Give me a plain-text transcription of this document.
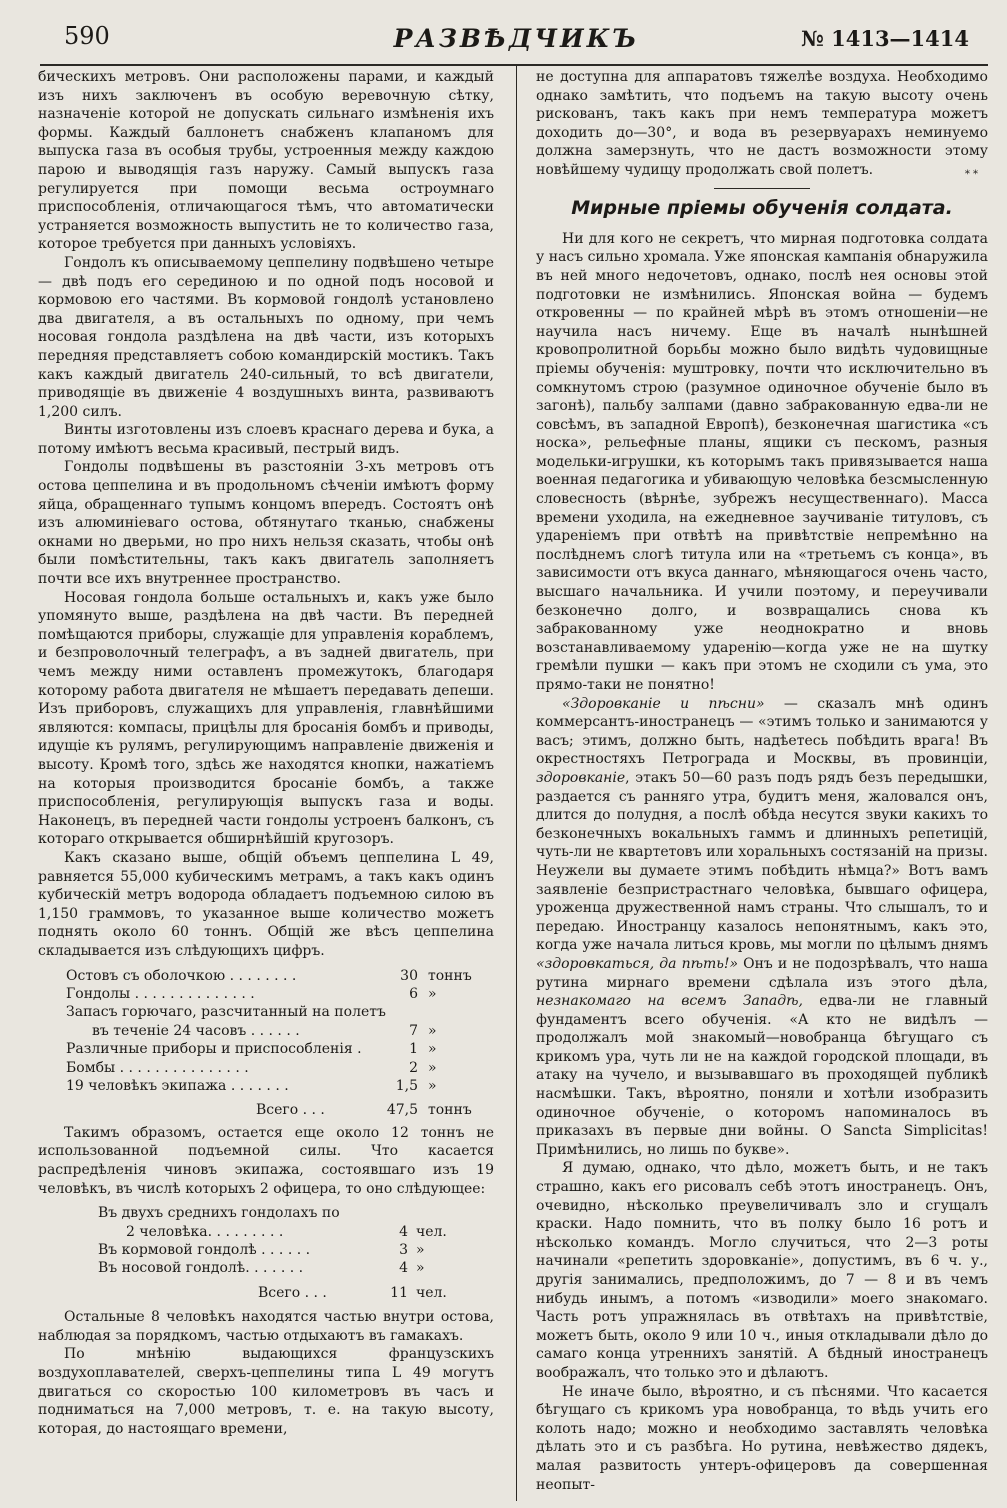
590	РАЗВѢДЧИКЪ	№ 1413—1414

бическихъ метровъ. Они расположены парами, и каждый изъ нихъ заключенъ въ особую веревочную сѣтку, назначеніе которой не допускать сильнаго измѣненія ихъ формы. Каждый баллонетъ снабженъ клапаномъ для выпуска газа въ особыя трубы, устроенныя между каждою парою и выводящія газъ наружу. Самый выпускъ газа регулируется при помощи весьма остроумнаго приспособленія, отличающагося тѣмъ, что автоматически устраняется возможность выпустить не то количество газа, которое требуется при данныхъ условіяхъ.

Гондолъ къ описываемому цеппелину подвѣшено четыре— двѣ подъ его серединою и по одной подъ носовой и кормовою его частями. Въ кормовой гондолѣ установлено два двигателя, а въ остальныхъ по одному, при чемъ носовая гондола раздѣлена на двѣ части, изъ которыхъ передняя представляетъ собою командирскій мостикъ. Такъ какъ каждый двигатель 240-сильный, то всѣ двигатели, приводящіе въ движеніе 4 воздушныхъ винта, развиваютъ 1,200 силъ.

Винты изготовлены изъ слоевъ краснаго дерева и бука, а потому имѣютъ весьма красивый, пестрый видъ.

Гондолы подвѣшены въ разстояніи 3-хъ метровъ отъ остова цеппелина и въ продольномъ сѣченіи имѣютъ форму яйца, обращеннаго тупымъ концомъ впередъ. Состоятъ онѣ изъ алюминіеваго остова, обтянутаго тканью, снабжены окнами но дверьми, но про нихъ нельзя сказать, чтобы онѣ были помѣстительны, такъ какъ двигатель заполняетъ почти все ихъ внутреннее пространство.

Носовая гондола больше остальныхъ и, какъ уже было упомянуто выше, раздѣлена на двѣ части. Въ передней помѣщаются приборы, служащіе для управленія кораблемъ, и безпроволочный телеграфъ, а въ задней двигатель, при чемъ между ними оставленъ промежутокъ, благодаря которому работа двигателя не мѣшаетъ передавать депеши. Изъ приборовъ, служащихъ для управленія, главнѣйшими являются: компасы, прицѣлы для бросанія бомбъ и приводы, идущіе къ рулямъ, регулирующимъ направленіе движенія и высоту. Кромѣ того, здѣсь же находятся кнопки, нажатіемъ на которыя производится бросаніе бомбъ, а также приспособленія, регулирующія выпускъ газа и воды. Наконецъ, въ передней части гондолы устроенъ балконъ, съ котораго открывается обширнѣйшій кругозоръ.

Какъ сказано выше, общій объемъ цеппелина L 49, равняется 55,000 кубическимъ метрамъ, а такъ какъ одинъ кубическій метръ водорода обладаетъ подъемною силою въ 1,150 граммовъ, то указанное выше количество можетъ поднять около 60 тоннъ. Общій же вѣсъ цеппелина складывается изъ слѣдующихъ цифръ.

Остовъ съ оболочкою . . . . . . . .	30	тоннъ
Гондолы . . . . . . . . . . . . . .	6	»
Запасъ горючаго, разсчитанный на полетъ		
въ теченіе 24 часовъ . . . . . .	7	»
Различные приборы и приспособленія .	1	»
Бомбы . . . . . . . . . . . . . . .	2	»
19 человѣкъ экипажа . . . . . . .	1,5	»
Всего . . .	47,5	тоннъ

Такимъ образомъ, остается еще около 12 тоннъ не использованной подъемной силы. Что касается распредѣленія чиновъ экипажа, состоявшаго изъ 19 человѣкъ, въ числѣ которыхъ 2 офицера, то оно слѣдующее:

Въ двухъ среднихъ гондолахъ по		
2 человѣка. . . . . . . . .	4	чел.
Въ кормовой гондолѣ . . . . . .	3	»
Въ носовой гондолѣ. . . . . . .	4	»
Всего . . .	11	чел.

Остальные 8 человѣкъ находятся частью внутри остова, наблюдая за порядкомъ, частью отдыхаютъ въ гамакахъ.

По мнѣнію выдающихся французскихъ воздухоплавателей, сверхъ-цеппелины типа L 49 могутъ двигаться со скоростью 100 километровъ въ часъ и подниматься на 7,000 метровъ, т. е. на такую высоту, которая, до настоящаго времени,

не доступна для аппаратовъ тяжелѣе воздуха. Необходимо однако замѣтить, что подъемъ на такую высоту очень рискованъ, такъ какъ при немъ температура можетъ доходить до—30°, и вода въ резервуарахъ неминуемо должна замерзнуть, что не дастъ возможности этому новѣйшему чудищу продолжать свой полетъ.	* *
Мирные пріемы обученія солдата.

Ни для кого не секретъ, что мирная подготовка солдата у насъ сильно хромала. Уже японская кампанія обнаружила въ ней много недочетовъ, однако, послѣ нея основы этой подготовки не измѣнились. Японская война — будемъ откровенны — по крайней мѣрѣ въ этомъ отношеніи—не научила насъ ничему. Еще въ началѣ нынѣшней кровопролитной борьбы можно было видѣть чудовищные пріемы обученія: муштровку, почти что исключительно въ сомкнутомъ строю (разумное одиночное обученіе было въ загонѣ), пальбу залпами (давно забракованную едва-ли не совсѣмъ, въ западной Европѣ), безконечная шагистика «съ носка», рельефные планы, ящики съ пескомъ, разныя модельки-игрушки, къ которымъ такъ привязывается наша военная педагогика и убивающую человѣка безсмысленную словесность (вѣрнѣе, зубрежъ несущественнаго). Масса времени уходила, на ежедневное заучиваніе титуловъ, съ удареніемъ при отвѣтѣ на привѣтствіе непремѣнно на послѣднемъ слогѣ титула или на «третьемъ съ конца», въ зависимости отъ вкуса даннаго, мѣняющагося очень часто, высшаго начальника. И учили поэтому, и переучивали безконечно долго, и возвращались снова къ забракованному уже неоднократно и вновь возстанавливаемому ударенію—когда уже не на шутку гремѣли пушки — какъ при этомъ не сходили съ ума, это прямо-таки не понятно!

«Здоровканіе и пѣсни» — сказалъ мнѣ одинъ коммерсантъ-иностранецъ — «этимъ только и занимаются у васъ; этимъ, должно быть, надѣетесь побѣдить врага! Въ окрестностяхъ Петрограда и Москвы, въ провинціи, здоровканіе, этакъ 50—60 разъ подъ рядъ безъ передышки, раздается съ ранняго утра, будитъ меня, жаловался онъ, длится до полудня, а послѣ обѣда несутся звуки какихъ то безконечныхъ вокальныхъ гаммъ и длинныхъ репетицій, чуть-ли не квартетовъ или хоральныхъ состязаній на призы. Неужели вы думаете этимъ побѣдить нѣмца?» Вотъ вамъ заявленіе безпристрастнаго человѣка, бывшаго офицера, уроженца дружественной намъ страны. Что слышалъ, то и передаю. Иностранцу казалось непонятнымъ, какъ это, когда уже начала литься кровь, мы могли по цѣлымъ днямъ «здоровкаться, да пѣть!» Онъ и не подозрѣвалъ, что наша рутина мирнаго времени сдѣлала изъ этого дѣла, незнакомаго на всемъ Западѣ, едва-ли не главный фундаментъ всего обученія. «А кто не видѣлъ — продолжалъ мой знакомый—новобранца бѣгущаго съ крикомъ ура, чуть ли не на каждой городской площади, въ атаку на чучело, и вызывавшаго въ проходящей публикѣ насмѣшки. Такъ, вѣроятно, поняли и хотѣли изобразить одиночное обученіе, о которомъ напоминалось въ приказахъ въ первые дни войны. О Sancta Simplicitas! Примѣнились, но лишь по букве».

Я думаю, однако, что дѣло, можетъ быть, и не такъ страшно, какъ его рисовалъ себѣ этотъ иностранецъ. Онъ, очевидно, нѣсколько преувеличивалъ зло и сгущалъ краски. Надо помнить, что въ полку было 16 ротъ и нѣсколько командъ. Могло случиться, что 2—3 роты начинали «репетить здоровканіе», допустимъ, въ 6 ч. у., другія занимались, предположимъ, до 7 — 8 и въ чемъ нибудь инымъ, а потомъ «изводили» моего знакомаго. Часть ротъ упражнялась въ отвѣтахъ на привѣтствіе, можетъ быть, около 9 или 10 ч., иныя откладывали дѣло до самаго конца утреннихъ занятій. А бѣдный иностранецъ воображалъ, что только это и дѣлаютъ.

Не иначе было, вѣроятно, и съ пѣснями. Что касается бѣгущаго съ крикомъ ура новобранца, то вѣдь учить его колоть надо; можно и необходимо заставлять человѣка дѣлать это и съ разбѣга. Но рутина, невѣжество дядекъ, малая развитость унтеръ-офицеровъ да совершенная неопыт-
